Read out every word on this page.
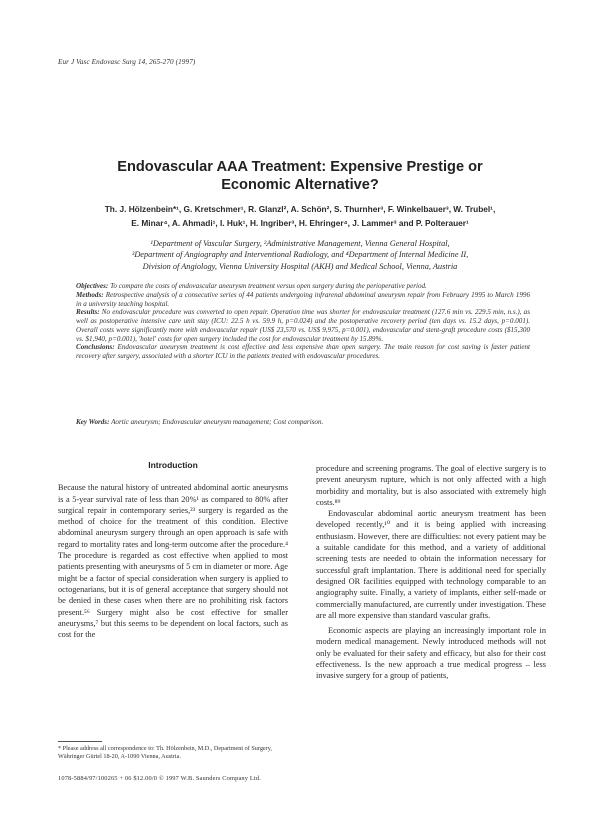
Eur J Vasc Endovasc Surg 14, 265-270 (1997)
Endovascular AAA Treatment: Expensive Prestige or
Economic Alternative?
Th. J. Hölzenbein*¹, G. Kretschmer¹, R. Glanzl², A. Schön², S. Thurnher³, F. Winkelbauer³, W. Trubel¹,
E. Minar⁴, A. Ahmadi¹, I. Huk¹, H. Ingriber³, H. Ehringer⁴, J. Lammer³ and P. Polterauer¹
¹Department of Vascular Surgery, ²Administrative Management, Vienna General Hospital,
³Department of Angiography and Interventional Radiology, and ⁴Department of Internal Medicine II,
Division of Angiology, Vienna University Hospital (AKH) and Medical School, Vienna, Austria

Objectives: To compare the costs of endovascular aneurysm treatment versus open surgery during the perioperative period.

Methods: Retrospective analysis of a consecutive series of 44 patients undergoing infrarenal abdominal aneurysm repair from February 1995 to March 1996 in a university teaching hospital.

Results: No endovascular procedure was converted to open repair. Operation time was shorter for endovascular treatment (127.6 min vs. 229.5 min, n.s.), as well as postoperative intensive care unit stay (ICU: 22.5 h vs. 59.9 h, p=0.024) and the postoperative recovery period (ten days vs. 15.2 days, p=0.001). Overall costs were significantly more with endovascular repair (US$ 23,570 vs. US$ 9,975, p=0.001), endovascular and stent-graft procedure costs ($15,300 vs. $1,940, p=0.001), 'hotel' costs for open surgery included the cost for endovascular treatment by 15.89%.

Conclusions: Endovascular aneurysm treatment is cost effective and less expensive than open surgery. The main reason for cost saving is faster patient recovery after surgery, associated with a shorter ICU in the patients treated with endovascular procedures.

Key Words: Aortic aneurysm; Endovascular aneurysm management; Cost comparison.
Introduction

Because the natural history of untreated abdominal aortic aneurysms is a 5-year survival rate of less than 20%¹ as compared to 80% after surgical repair in contemporary series,²³ surgery is regarded as the method of choice for the treatment of this condition. Elective abdominal aneurysm surgery through an open approach is safe with regard to mortality rates and long-term outcome after the procedure.⁴ The procedure is regarded as cost effective when applied to most patients presenting with aneurysms of 5 cm in diameter or more. Age might be a factor of special consideration when surgery is applied to octogenarians, but it is of general acceptance that surgery should not be denied in these cases when there are no prohibiting risk factors present.⁵⁶ Surgery might also be cost effective for smaller aneurysms,⁷ but this seems to be dependent on local factors, such as cost for the

procedure and screening programs. The goal of elective surgery is to prevent aneurysm rupture, which is not only affected with a high morbidity and mortality, but is also associated with extremely high costs.⁸⁹

Endovascular abdominal aortic aneurysm treatment has been developed recently,¹⁰ and it is being applied with increasing enthusiasm. However, there are difficulties: not every patient may be a suitable candidate for this method, and a variety of additional screening tests are needed to obtain the information necessary for successful graft implantation. There is additional need for specially designed OR facilities equipped with technology comparable to an angiography suite. Finally, a variety of implants, either self-made or commercially manufactured, are currently under investigation. These are all more expensive than standard vascular grafts.

Economic aspects are playing an increasingly important role in modern medical management. Newly introduced methods will not only be evaluated for their safety and efficacy, but also for their cost effectiveness. Is the new approach a true medical progress – less invasive surgery for a group of patients,

* Please address all correspondence to: Th. Hölzenbein, M.D., Department of Surgery, Währinger Gürtel 18-20, A-1090 Vienna, Austria.
1078-5884/97/100265 + 06 $12.00/0 © 1997 W.B. Saunders Company Ltd.
